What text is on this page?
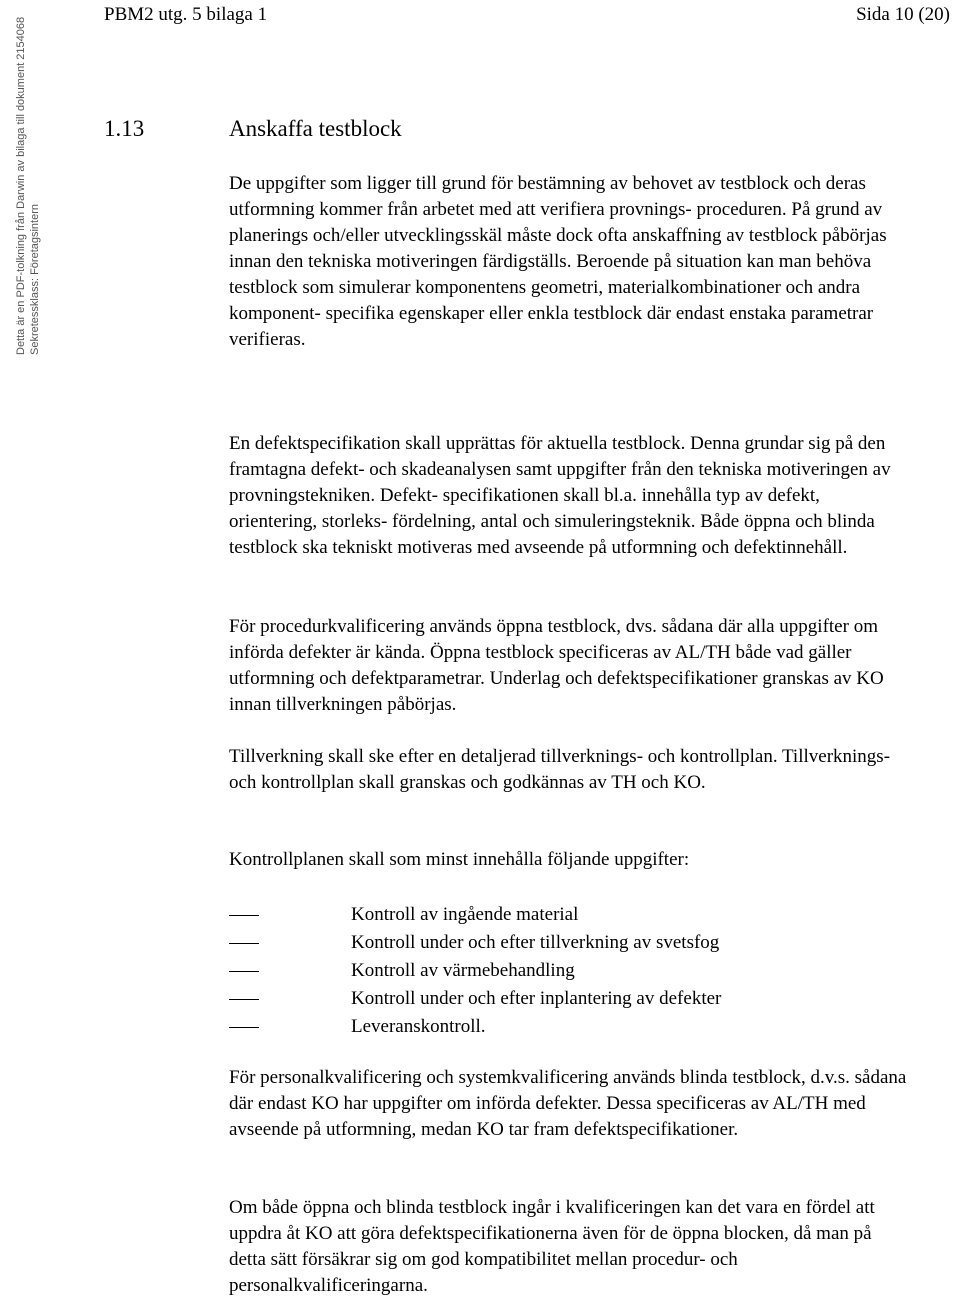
Detta är en PDF-tolkning från Darwin av bilaga till dokument 2154068 Sekretessklass: Företagsintern
PBM2 utg. 5 bilaga 1	Sida 10 (20)
1.13	Anskaffa testblock

De uppgifter som ligger till grund för bestämning av behovet av testblock och deras utformning kommer från arbetet med att verifiera provnings- proceduren. På grund av planerings och/eller utvecklingsskäl måste dock ofta anskaffning av testblock påbörjas innan den tekniska motiveringen färdigställs. Beroende på situation kan man behöva testblock som simulerar komponentens geometri, materialkombinationer och andra komponent- specifika egenskaper eller enkla testblock där endast enstaka parametrar verifieras.

En defektspecifikation skall upprättas för aktuella testblock. Denna grundar sig på den framtagna defekt- och skadeanalysen samt uppgifter från den tekniska motiveringen av provningstekniken. Defekt- specifikationen skall bl.a. innehålla typ av defekt, orientering, storleks- fördelning, antal och simuleringsteknik. Både öppna och blinda testblock ska tekniskt motiveras med avseende på utformning och defektinnehåll.

För procedurkvalificering används öppna testblock, dvs. sådana där alla uppgifter om införda defekter är kända. Öppna testblock specificeras av AL/TH både vad gäller utformning och defektparametrar. Underlag och defektspecifikationer granskas av KO innan tillverkningen påbörjas.

Tillverkning skall ske efter en detaljerad tillverknings- och kontrollplan. Tillverknings- och kontrollplan skall granskas och godkännas av TH och KO.

Kontrollplanen skall som minst innehålla följande uppgifter:

Kontroll av ingående material
Kontroll under och efter tillverkning av svetsfog
Kontroll av värmebehandling
Kontroll under och efter inplantering av defekter
Leveranskontroll.

För personalkvalificering och systemkvalificering används blinda testblock, d.v.s. sådana där endast KO har uppgifter om införda defekter. Dessa specificeras av AL/TH med avseende på utformning, medan KO tar fram defektspecifikationer.

Om både öppna och blinda testblock ingår i kvalificeringen kan det vara en fördel att uppdra åt KO att göra defektspecifikationerna även för de öppna blocken, då man på detta sätt försäkrar sig om god kompatibilitet mellan procedur- och personalkvalificeringarna.
